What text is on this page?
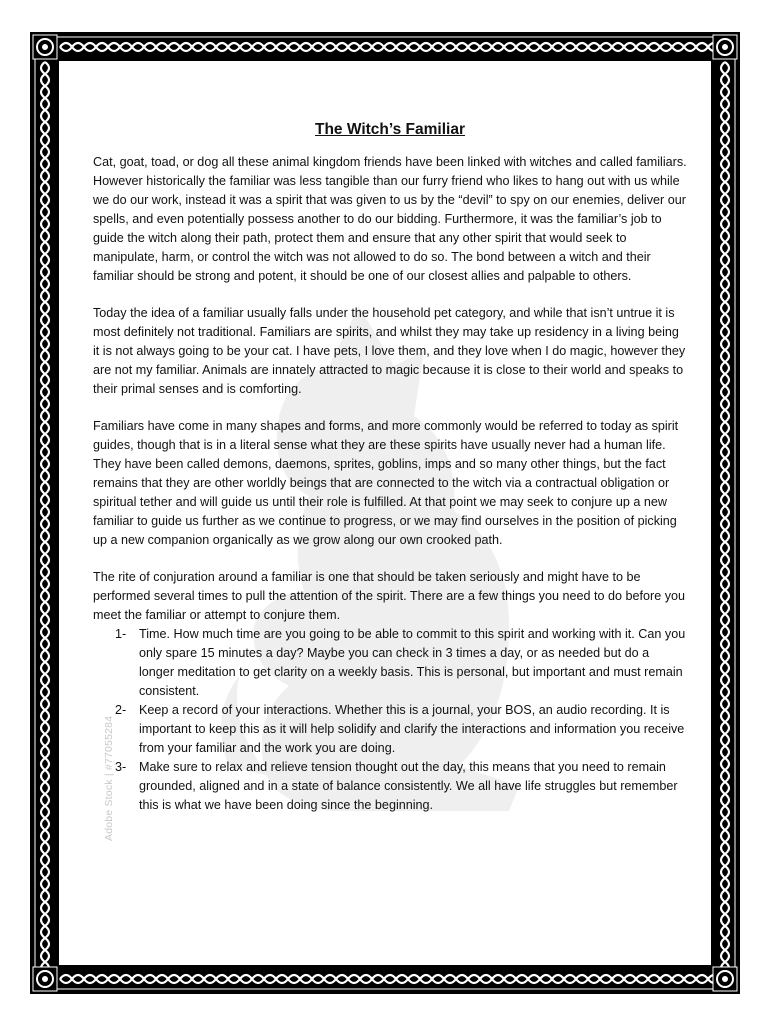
Adobe Stock | #77055284
The Witch’s Familiar

Cat, goat, toad, or dog all these animal kingdom friends have been linked with witches and called familiars. However historically the familiar was less tangible than our furry friend who likes to hang out with us while we do our work, instead it was a spirit that was given to us by the “devil” to spy on our enemies, deliver our spells, and even potentially possess another to do our bidding. Furthermore, it was the familiar’s job to guide the witch along their path, protect them and ensure that any other spirit that would seek to manipulate, harm, or control the witch was not allowed to do so. The bond between a witch and their familiar should be strong and potent, it should be one of our closest allies and palpable to others.

Today the idea of a familiar usually falls under the household pet category, and while that isn’t untrue it is most definitely not traditional. Familiars are spirits, and whilst they may take up residency in a living being it is not always going to be your cat. I have pets, I love them, and they love when I do magic, however they are not my familiar. Animals are innately attracted to magic because it is close to their world and speaks to their primal senses and is comforting.

Familiars have come in many shapes and forms, and more commonly would be referred to today as spirit guides, though that is in a literal sense what they are these spirits have usually never had a human life. They have been called demons, daemons, sprites, goblins, imps and so many other things, but the fact remains that they are other worldly beings that are connected to the witch via a contractual obligation or spiritual tether and will guide us until their role is fulfilled. At that point we may seek to conjure up a new familiar to guide us further as we continue to progress, or we may find ourselves in the position of picking up a new companion organically as we grow along our own crooked path.

The rite of conjuration around a familiar is one that should be taken seriously and might have to be performed several times to pull the attention of the spirit. There are a few things you need to do before you meet the familiar or attempt to conjure them.

1- Time. How much time are you going to be able to commit to this spirit and working with it. Can you only spare 15 minutes a day? Maybe you can check in 3 times a day, or as needed but do a longer meditation to get clarity on a weekly basis. This is personal, but important and must remain consistent.
2- Keep a record of your interactions. Whether this is a journal, your BOS, an audio recording. It is important to keep this as it will help solidify and clarify the interactions and information you receive from your familiar and the work you are doing.
3- Make sure to relax and relieve tension thought out the day, this means that you need to remain grounded, aligned and in a state of balance consistently. We all have life struggles but remember this is what we have been doing since the beginning.
